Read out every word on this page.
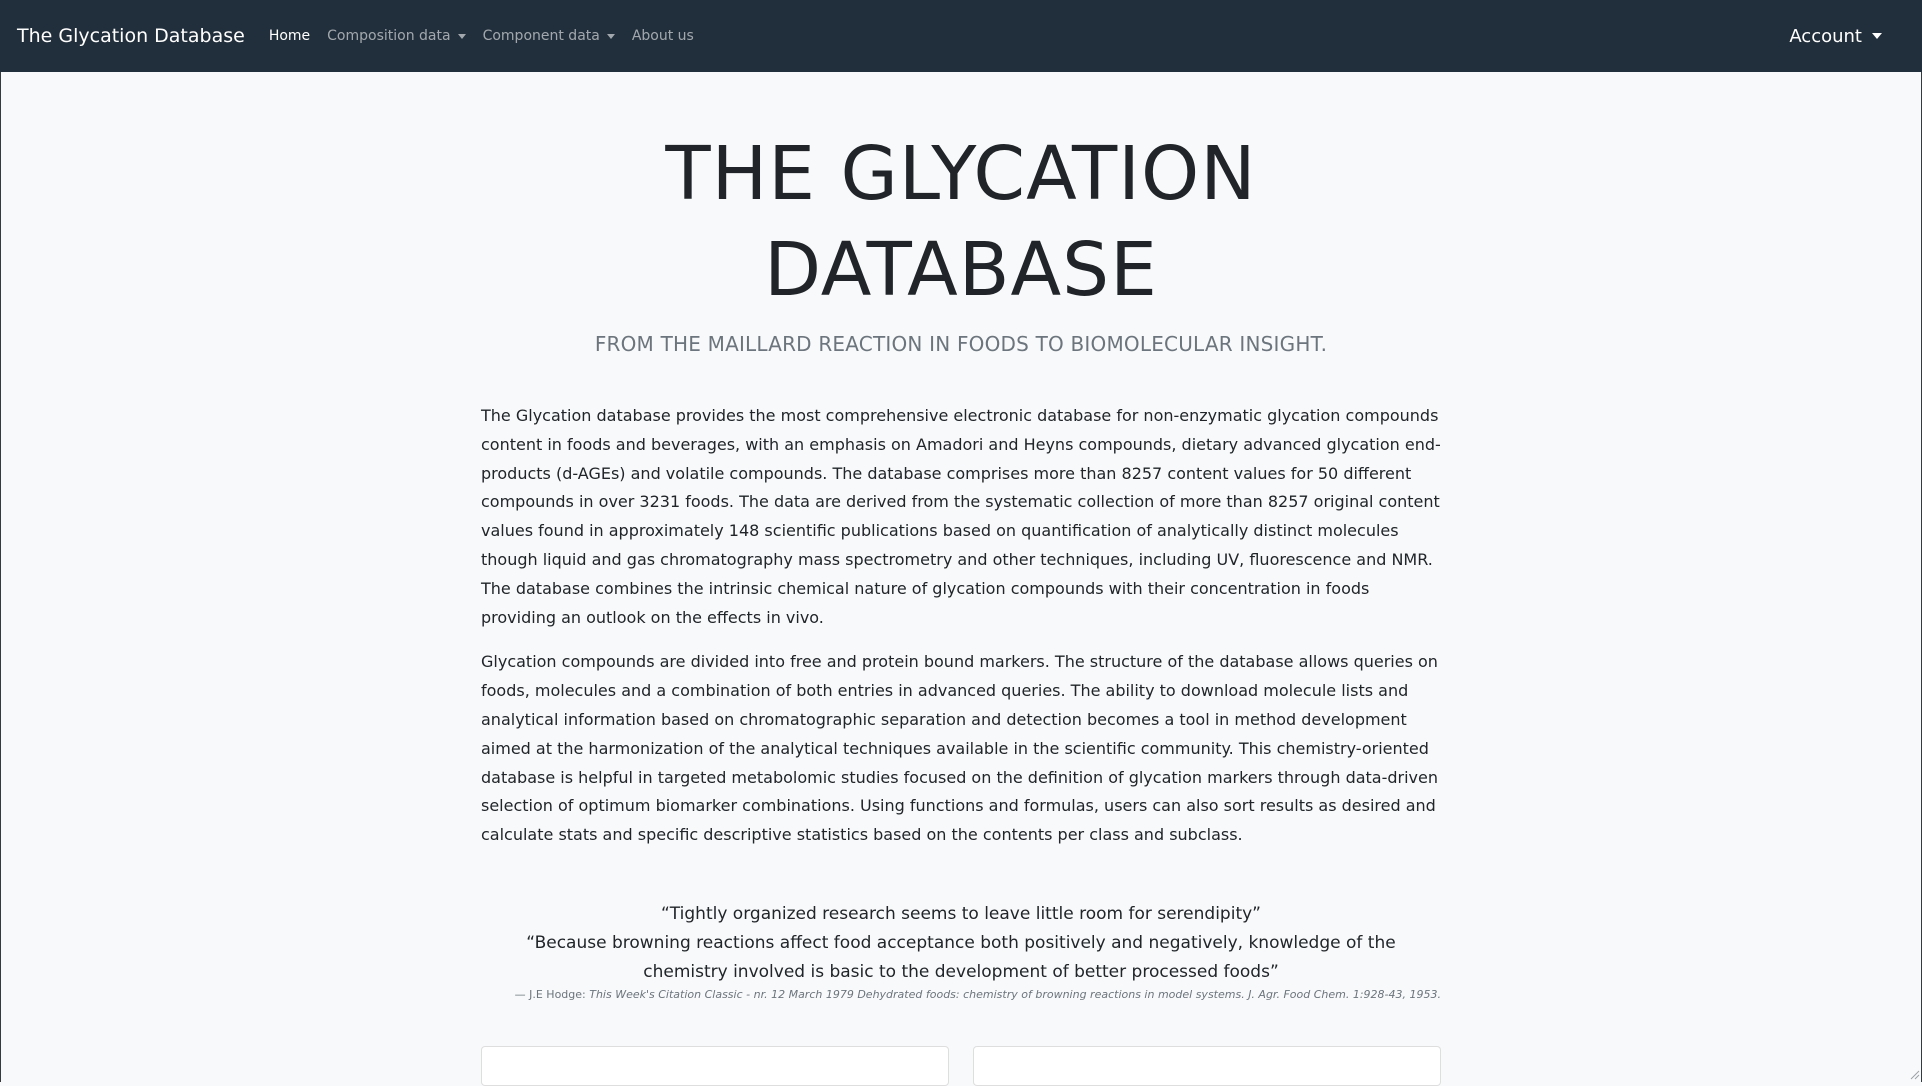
The Glycation Database Home Composition data Component data About us	Account
THE GLYCATION
DATABASE

FROM THE MAILLARD REACTION IN FOODS TO BIOMOLECULAR INSIGHT.

The Glycation database provides the most comprehensive electronic database for non-enzymatic glycation compounds content in foods and beverages, with an emphasis on Amadori and Heyns compounds, dietary advanced glycation end-products (d-AGEs) and volatile compounds. The database comprises more than 8257 content values for 50 different compounds in over 3231 foods. The data are derived from the systematic collection of more than 8257 original content values found in approximately 148 scientific publications based on quantification of analytically distinct molecules though liquid and gas chromatography mass spectrometry and other techniques, including UV, fluorescence and NMR. The database combines the intrinsic chemical nature of glycation compounds with their concentration in foods providing an outlook on the effects in vivo.

Glycation compounds are divided into free and protein bound markers. The structure of the database allows queries on foods, molecules and a combination of both entries in advanced queries. The ability to download molecule lists and analytical information based on chromatographic separation and detection becomes a tool in method development aimed at the harmonization of the analytical techniques available in the scientific community. This chemistry-oriented database is helpful in targeted metabolomic studies focused on the definition of glycation markers through data-driven selection of optimum biomarker combinations. Using functions and formulas, users can also sort results as desired and calculate stats and specific descriptive statistics based on the contents per class and subclass.

“Tightly organized research seems to leave little room for serendipity”

“Because browning reactions affect food acceptance both positively and negatively, knowledge of the chemistry involved is basic to the development of better processed foods”

— J.E Hodge: This Week's Citation Classic - nr. 12 March 1979 Dehydrated foods: chemistry of browning reactions in model systems. J. Agr. Food Chem. 1:928-43, 1953.
